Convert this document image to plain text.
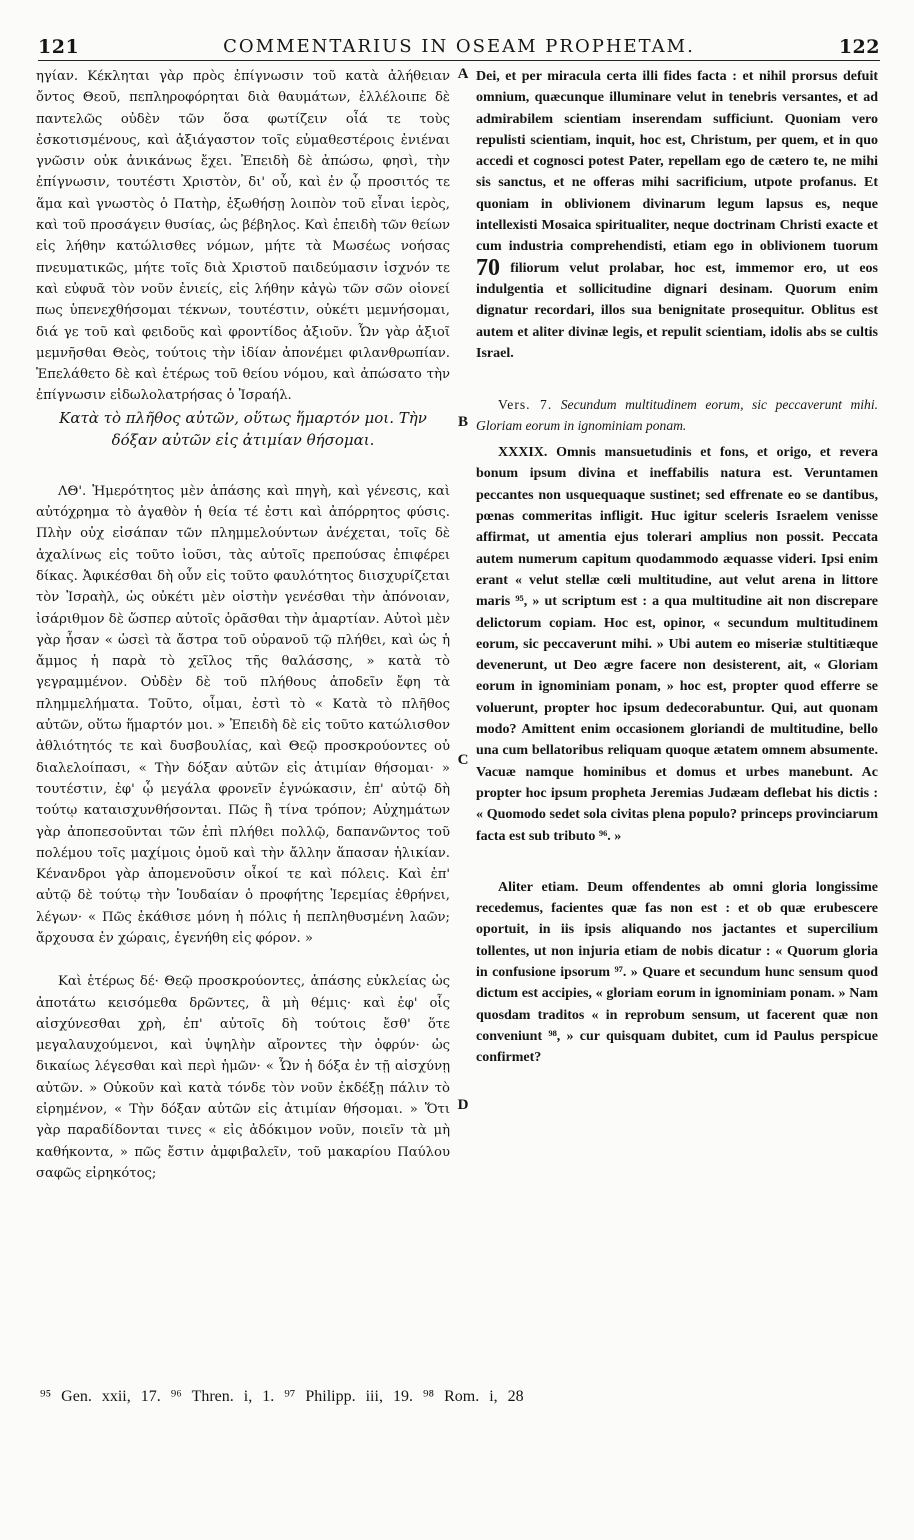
121	COMMENTARIUS IN OSEAM PROPHETAM.	122

ηγίαν. Κέκληται γὰρ πρὸς ἐπίγνωσιν τοῦ κατὰ ἀλήθειαν ὄντος Θεοῦ, πεπληροφόρηται διὰ θαυμάτων, ἐλλέλοιπε δὲ παντελῶς οὐδὲν τῶν ὅσα φωτίζειν οἶά τε τοὺς ἐσκοτισμένους, καὶ ἀξιάγαστον τοῖς εὐμαθεστέροις ἐνιέναι γνῶσιν οὐκ ἀνικάνως ἔχει. Ἐπειδὴ δὲ ἀπώσω, φησὶ, τὴν ἐπίγνωσιν, τουτέστι Χριστὸν, δι' οὗ, καὶ ἐν ᾧ προσιτός τε ἅμα καὶ γνωστὸς ὁ Πατὴρ, ἐξωθήσῃ λοιπὸν τοῦ εἶναι ἱερὸς, καὶ τοῦ προσάγειν θυσίας, ὡς βέβηλος. Καὶ ἐπειδὴ τῶν θείων εἰς λήθην κατώλισθες νόμων, μήτε τὰ Μωσέως νοήσας πνευματικῶς, μήτε τοῖς διὰ Χριστοῦ παιδεύμασιν ἰσχνόν τε καὶ εὐφυᾶ τὸν νοῦν ἐνιείς, εἰς λήθην κἀγὼ τῶν σῶν οἱονεί πως ὑπενεχθήσομαι τέκνων, τουτέστιν, οὐκέτι μεμνήσομαι, διά γε τοῦ καὶ φειδοῦς καὶ φροντίδος ἀξιοῦν. Ὧν γὰρ ἀξιοῖ μεμνῆσθαι Θεὸς, τούτοις τὴν ἰδίαν ἀπονέμει φιλανθρωπίαν. Ἐπελάθετο δὲ καὶ ἑτέρως τοῦ θείου νόμου, καὶ ἀπώσατο τὴν ἐπίγνωσιν εἰδωλολατρήσας ὁ Ἰσραήλ.

Κατὰ τὸ πλῆθος αὐτῶν, οὕτως ἥμαρτόν μοι. Τὴν δόξαν αὐτῶν εἰς ἀτιμίαν θήσομαι.

ΛΘ'. Ἡμερότητος μὲν ἁπάσης καὶ πηγὴ, καὶ γένεσις, καὶ αὐτόχρημα τὸ ἀγαθὸν ἡ θεία τέ ἐστι καὶ ἀπόρρητος φύσις. Πλὴν οὐχ εἰσάπαν τῶν πλημμελούντων ἀνέχεται, τοῖς δὲ ἀχαλίνως εἰς τοῦτο ἰοῦσι, τὰς αὐτοῖς πρεπούσας ἐπιφέρει δίκας. Ἀφικέσθαι δὴ οὖν εἰς τοῦτο φαυλότητος διισχυρίζεται τὸν Ἰσραὴλ, ὡς οὐκέτι μὲν οἰστὴν γενέσθαι τὴν ἀπόνοιαν, ἰσάριθμον δὲ ὥσπερ αὐτοῖς ὁρᾶσθαι τὴν ἁμαρτίαν. Αὐτοὶ μὲν γὰρ ἦσαν « ὡσεὶ τὰ ἄστρα τοῦ οὐρανοῦ τῷ πλήθει, καὶ ὡς ἡ ἄμμος ἡ παρὰ τὸ χεῖλος τῆς θαλάσσης, » κατὰ τὸ γεγραμμένον. Οὐδὲν δὲ τοῦ πλήθους ἀποδεῖν ἔφη τὰ πλημμελήματα. Τοῦτο, οἶμαι, ἐστὶ τὸ « Κατὰ τὸ πλῆθος αὐτῶν, οὕτω ἥμαρτόν μοι. » Ἐπειδὴ δὲ εἰς τοῦτο κατώλισθον ἀθλιότητός τε καὶ δυσβουλίας, καὶ Θεῷ προσκρούοντες οὐ διαλελοίπασι, « Τὴν δόξαν αὐτῶν εἰς ἀτιμίαν θήσομαι· » τουτέστιν, ἐφ' ᾧ μεγάλα φρονεῖν ἐγνώκασιν, ἐπ' αὐτῷ δὴ τούτῳ καταισχυνθήσονται. Πῶς ἢ τίνα τρόπον; Αὐχημάτων γὰρ ἀποπεσοῦνται τῶν ἐπὶ πλήθει πολλῷ, δαπανῶντος τοῦ πολέμου τοῖς μαχίμοις ὁμοῦ καὶ τὴν ἄλλην ἅπασαν ἡλικίαν. Κένανδροι γὰρ ἀπομενοῦσιν οἶκοί τε καὶ πόλεις. Καὶ ἐπ' αὐτῷ δὲ τούτῳ τὴν Ἰουδαίαν ὁ προφήτης Ἱερεμίας ἐθρήνει, λέγων· « Πῶς ἐκάθισε μόνη ἡ πόλις ἡ πεπληθυσμένη λαῶν; ἄρχουσα ἐν χώραις, ἐγενήθη εἰς φόρον. »

Καὶ ἑτέρως δέ· Θεῷ προσκρούοντες, ἁπάσης εὐκλείας ὡς ἀποτάτω κεισόμεθα δρῶντες, ἃ μὴ θέμις· καὶ ἐφ' οἷς αἰσχύνεσθαι χρὴ, ἐπ' αὐτοῖς δὴ τούτοις ἔσθ' ὅτε μεγαλαυχούμενοι, καὶ ὑψηλὴν αἴροντες τὴν ὀφρύν· ὡς δικαίως λέγεσθαι καὶ περὶ ἡμῶν· « Ὧν ἡ δόξα ἐν τῇ αἰσχύνῃ αὐτῶν. » Οὐκοῦν καὶ κατὰ τόνδε τὸν νοῦν ἐκδέξῃ πάλιν τὸ εἰρημένον, « Τὴν δόξαν αὐτῶν εἰς ἀτιμίαν θήσομαι. » Ὅτι γὰρ παραδίδονται τινες « εἰς ἀδόκιμον νοῦν, ποιεῖν τὰ μὴ καθήκοντα, » πῶς ἔστιν ἀμφιβαλεῖν, τοῦ μακαρίου Παύλου σαφῶς εἰρηκότος;

A
B
C
D

Dei, et per miracula certa illi fides facta : et nihil prorsus defuit omnium, quæcunque illuminare velut in tenebris versantes, et ad admirabilem scientiam inserendam sufficiunt. Quoniam vero repulisti scientiam, inquit, hoc est, Christum, per quem, et in quo accedi et cognosci potest Pater, repellam ego de cætero te, ne mihi sis sanctus, et ne offeras mihi sacrificium, utpote profanus. Et quoniam in oblivionem divinarum legum lapsus es, neque intellexisti Mosaica spiritualiter, neque doctrinam Christi exacte et cum industria comprehendisti, etiam ego in oblivionem tuorum 70 filiorum velut prolabar, hoc est, immemor ero, ut eos indulgentia et sollicitudine dignari desinam. Quorum enim dignatur recordari, illos sua benignitate prosequitur. Oblitus est autem et aliter divinæ legis, et repulit scientiam, idolis abs se cultis Israel.

Vers. 7. Secundum multitudinem eorum, sic peccaverunt mihi. Gloriam eorum in ignominiam ponam.

XXXIX. Omnis mansuetudinis et fons, et origo, et revera bonum ipsum divina et ineffabilis natura est. Veruntamen peccantes non usquequaque sustinet; sed effrenate eo se dantibus, pœnas commeritas infligit. Huc igitur sceleris Israelem venisse affirmat, ut amentia ejus tolerari amplius non possit. Peccata autem numerum capitum quodammodo æquasse videri. Ipsi enim erant « velut stellæ cœli multitudine, aut velut arena in littore maris ⁹⁵, » ut scriptum est : a qua multitudine ait non discrepare delictorum copiam. Hoc est, opinor, « secundum multitudinem eorum, sic peccaverunt mihi. » Ubi autem eo miseriæ stultitiæque devenerunt, ut Deo ægre facere non desisterent, ait, « Gloriam eorum in ignominiam ponam, » hoc est, propter quod efferre se voluerunt, propter hoc ipsum dedecorabuntur. Qui, aut quonam modo? Amittent enim occasionem gloriandi de multitudine, bello una cum bellatoribus reliquam quoque ætatem omnem absumente. Vacuæ namque hominibus et domus et urbes manebunt. Ac propter hoc ipsum propheta Jeremias Judæam deflebat his dictis : « Quomodo sedet sola civitas plena populo? princeps provinciarum facta est sub tributo ⁹⁶. »

Aliter etiam. Deum offendentes ab omni gloria longissime recedemus, facientes quæ fas non est : et ob quæ erubescere oportuit, in iis ipsis aliquando nos jactantes et supercilium tollentes, ut non injuria etiam de nobis dicatur : « Quorum gloria in confusione ipsorum ⁹⁷. » Quare et secundum hunc sensum quod dictum est accipies, « gloriam eorum in ignominiam ponam. » Nam quosdam traditos « in reprobum sensum, ut facerent quæ non conveniunt ⁹⁸, » cur quisquam dubitet, cum id Paulus perspicue confirmet?

⁹⁵ Gen. xxii, 17. ⁹⁶ Thren. i, 1. ⁹⁷ Philipp. iii, 19. ⁹⁸ Rom. i, 28
